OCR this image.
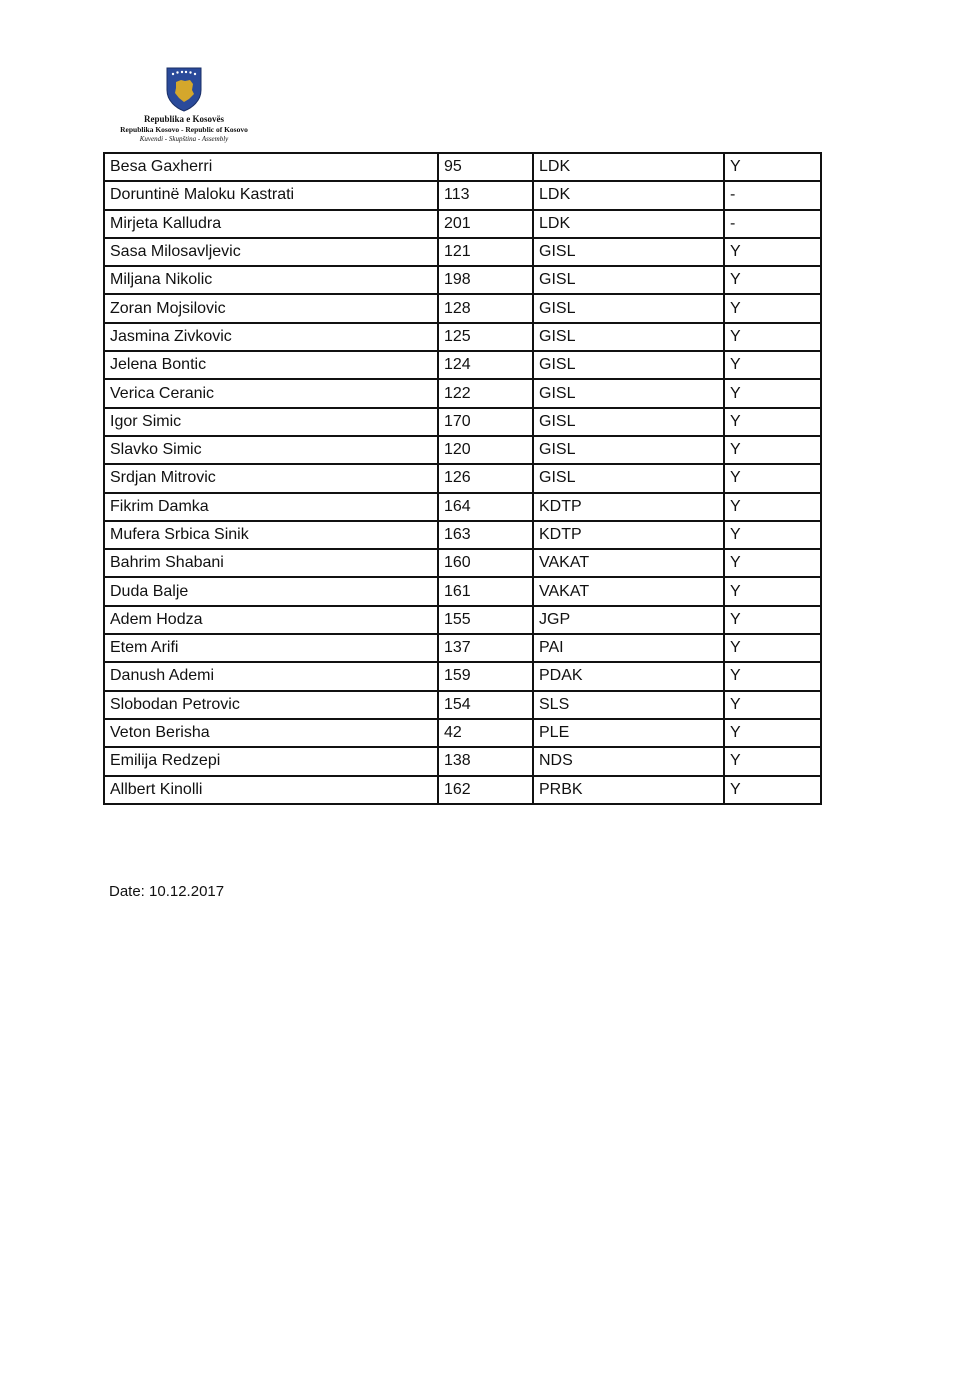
Republika e Kosovës
Republika Kosovo - Republic of Kosovo
Kuvendi - Skupština - Assembly
Besa Gaxherri	95	LDK	Y
Doruntinë Maloku Kastrati	113	LDK	-
Mirjeta Kalludra	201	LDK	-
Sasa Milosavljevic	121	GISL	Y
Miljana Nikolic	198	GISL	Y
Zoran Mojsilovic	128	GISL	Y
Jasmina Zivkovic	125	GISL	Y
Jelena Bontic	124	GISL	Y
Verica Ceranic	122	GISL	Y
Igor Simic	170	GISL	Y
Slavko Simic	120	GISL	Y
Srdjan Mitrovic	126	GISL	Y
Fikrim Damka	164	KDTP	Y
Mufera Srbica Sinik	163	KDTP	Y
Bahrim Shabani	160	VAKAT	Y
Duda Balje	161	VAKAT	Y
Adem Hodza	155	JGP	Y
Etem Arifi	137	PAI	Y
Danush Ademi	159	PDAK	Y
Slobodan Petrovic	154	SLS	Y
Veton Berisha	42	PLE	Y
Emilija Redzepi	138	NDS	Y
Allbert Kinolli	162	PRBK	Y
Date: 10.12.2017
